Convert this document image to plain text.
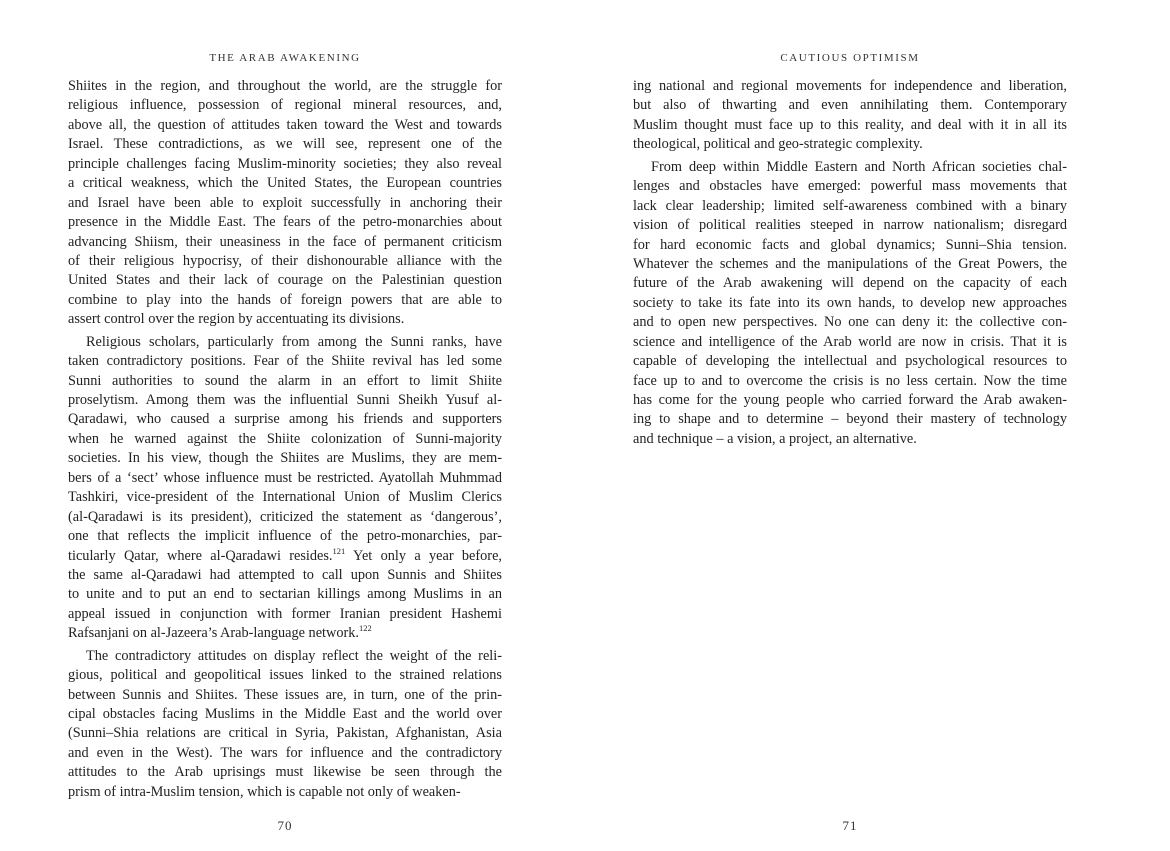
THE ARAB AWAKENING
Shiites in the region, and throughout the world, are the struggle for
religious influence, possession of regional mineral resources, and,
above all, the question of attitudes taken toward the West and towards
Israel. These contradictions, as we will see, represent one of the
principle challenges facing Muslim-minority societies; they also reveal
a critical weakness, which the United States, the European countries
and Israel have been able to exploit successfully in anchoring their
presence in the Middle East. The fears of the petro-monarchies about
advancing Shiism, their uneasiness in the face of permanent criticism
of their religious hypocrisy, of their dishonourable alliance with the
United States and their lack of courage on the Palestinian question
combine to play into the hands of foreign powers that are able to
assert control over the region by accentuating its divisions.
Religious scholars, particularly from among the Sunni ranks, have
taken contradictory positions. Fear of the Shiite revival has led some
Sunni authorities to sound the alarm in an effort to limit Shiite
proselytism. Among them was the influential Sunni Sheikh Yusuf al-
Qaradawi, who caused a surprise among his friends and supporters
when he warned against the Shiite colonization of Sunni-majority
societies. In his view, though the Shiites are Muslims, they are mem-
bers of a ‘sect’ whose influence must be restricted. Ayatollah Muhmmad
Tashkiri, vice-president of the International Union of Muslim Clerics
(al-Qaradawi is its president), criticized the statement as ‘dangerous’,
one that reflects the implicit influence of the petro-monarchies, par-
ticularly Qatar, where al-Qaradawi resides.$^{121}$ Yet only a year before,
the same al-Qaradawi had attempted to call upon Sunnis and Shiites
to unite and to put an end to sectarian killings among Muslims in an
appeal issued in conjunction with former Iranian president Hashemi
Rafsanjani on al-Jazeera’s Arab-language network.$^{122}$
The contradictory attitudes on display reflect the weight of the reli-
gious, political and geopolitical issues linked to the strained relations
between Sunnis and Shiites. These issues are, in turn, one of the prin-
cipal obstacles facing Muslims in the Middle East and the world over
(Sunni–Shia relations are critical in Syria, Pakistan, Afghanistan, Asia
and even in the West). The wars for influence and the contradictory
attitudes to the Arab uprisings must likewise be seen through the
prism of intra-Muslim tension, which is capable not only of weaken-
70
CAUTIOUS OPTIMISM
ing national and regional movements for independence and liberation,
but also of thwarting and even annihilating them. Contemporary
Muslim thought must face up to this reality, and deal with it in all its
theological, political and geo-strategic complexity.
From deep within Middle Eastern and North African societies chal-
lenges and obstacles have emerged: powerful mass movements that
lack clear leadership; limited self-awareness combined with a binary
vision of political realities steeped in narrow nationalism; disregard
for hard economic facts and global dynamics; Sunni–Shia tension.
Whatever the schemes and the manipulations of the Great Powers, the
future of the Arab awakening will depend on the capacity of each
society to take its fate into its own hands, to develop new approaches
and to open new perspectives. No one can deny it: the collective con-
science and intelligence of the Arab world are now in crisis. That it is
capable of developing the intellectual and psychological resources to
face up to and to overcome the crisis is no less certain. Now the time
has come for the young people who carried forward the Arab awaken-
ing to shape and to determine – beyond their mastery of technology
and technique – a vision, a project, an alternative.
71
